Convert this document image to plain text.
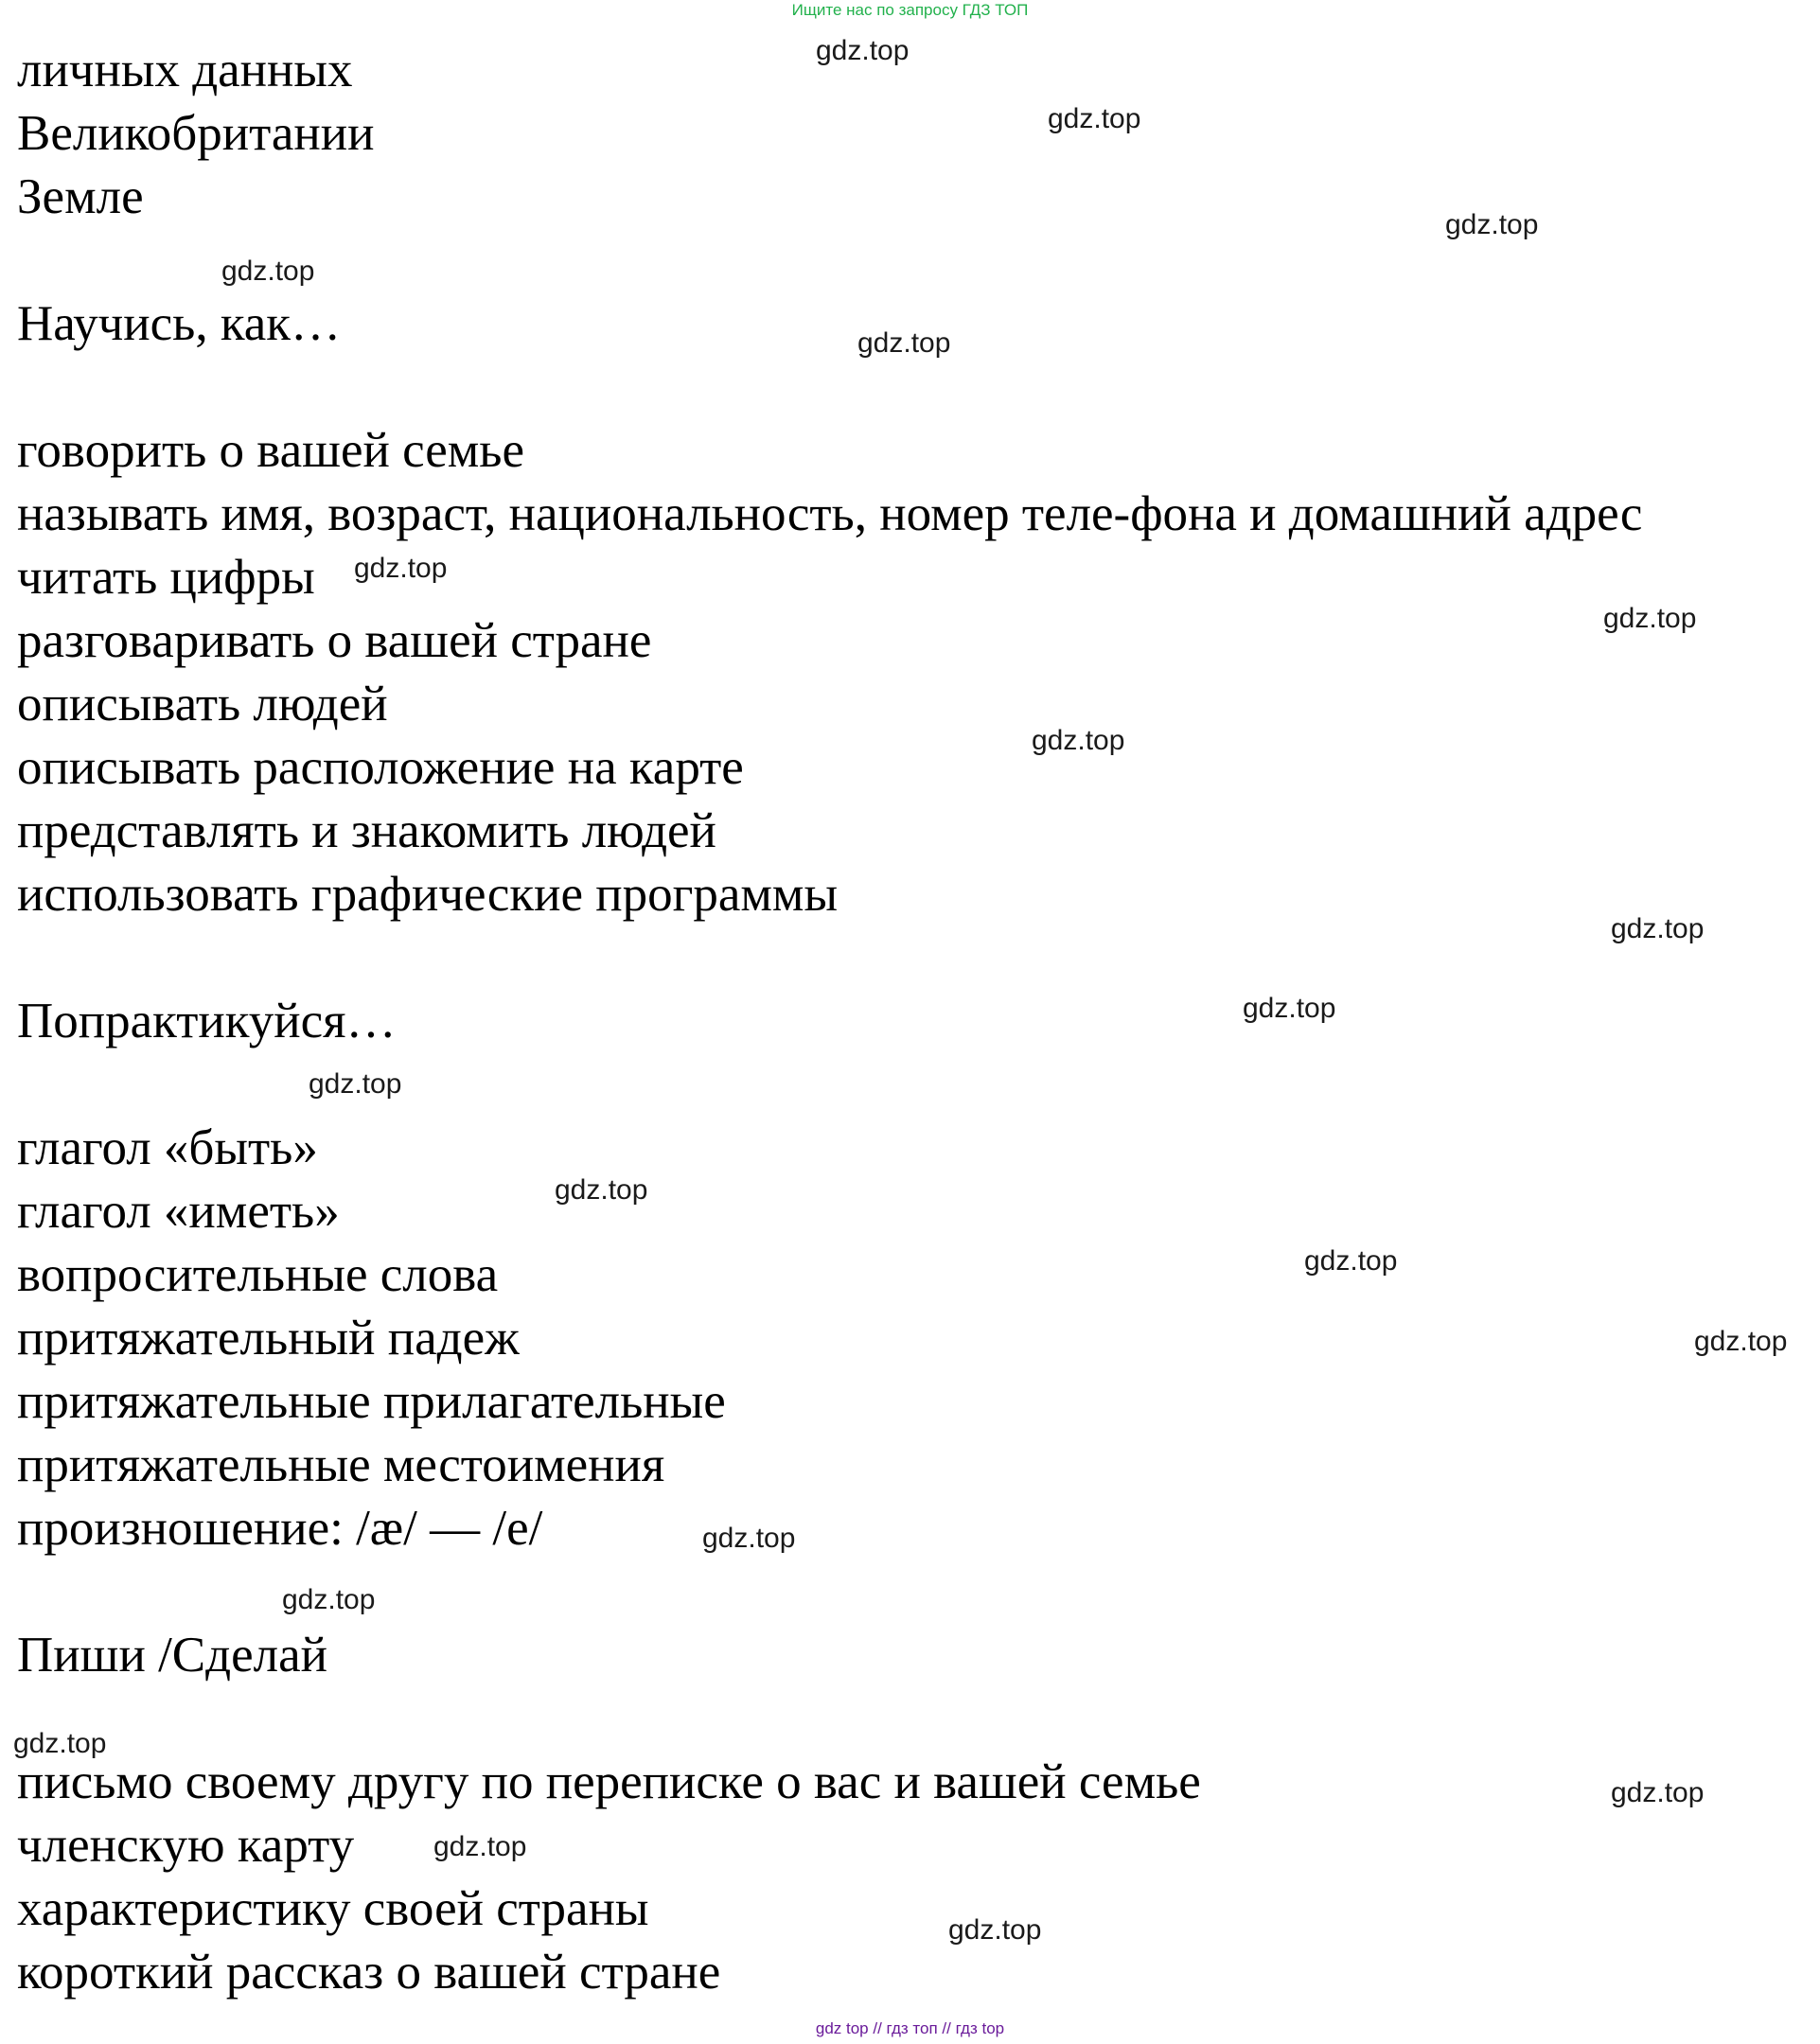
Ищите нас по запросу ГДЗ ТОП

личных данных

Великобритании

Земле

Научись, как…

говорить о вашей семье

называть имя, возраст, национальность, номер теле-фона и домашний адрес

читать цифры

разговаривать о вашей стране

описывать людей

описывать расположение на карте

представлять и знакомить людей

использовать графические программы

Попрактикуйся…

глагол «быть»

глагол «иметь»

вопросительные слова

притяжательный падеж

притяжательные прилагательные

притяжательные местоимения

произношение: /æ/ — /e/

Пиши /Сделай

письмо своему другу по переписке о вас и вашей семье

членскую карту

характеристику своей страны

короткий рассказ о вашей стране

gdz.top
gdz.top
gdz.top
gdz.top
gdz.top
gdz.top
gdz.top
gdz.top
gdz.top
gdz.top
gdz.top
gdz.top
gdz.top
gdz.top
gdz.top
gdz.top
gdz.top
gdz.top
gdz.top
gdz.top
gdz top // гдз топ // гдз top
